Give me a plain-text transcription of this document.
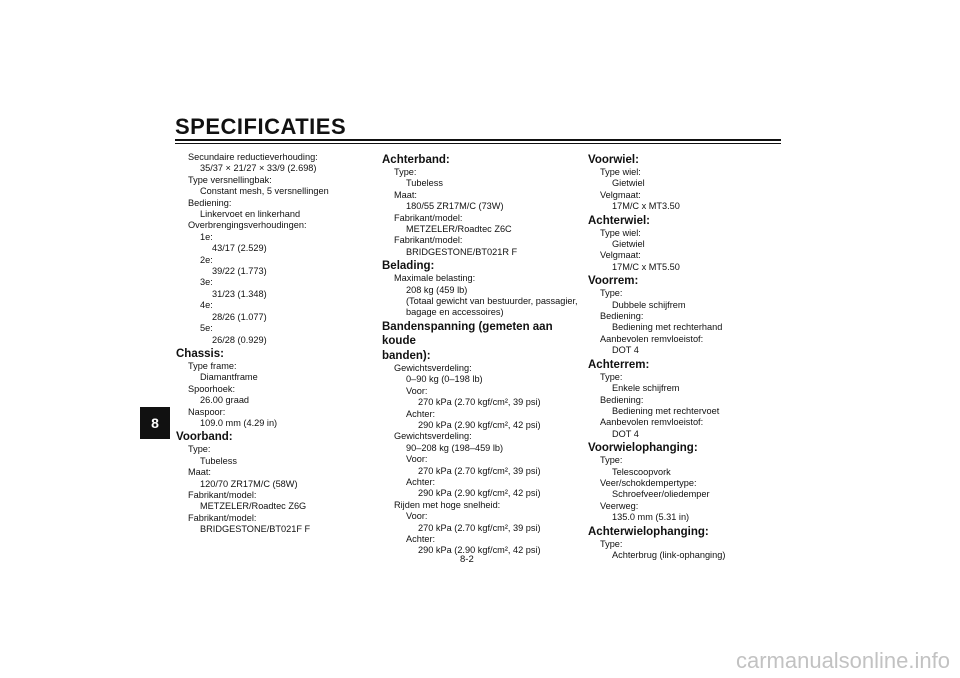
SPECIFICATIES
8
Secundaire reductieverhouding:
35/37 × 21/27 × 33/9 (2.698)
Type versnellingbak:
Constant mesh, 5 versnellingen
Bediening:
Linkervoet en linkerhand
Overbrengingsverhoudingen:
1e:
43/17 (2.529)
2e:
39/22 (1.773)
3e:
31/23 (1.348)
4e:
28/26 (1.077)
5e:
26/28 (0.929)
Chassis:
Type frame:
Diamantframe
Spoorhoek:
26.00 graad
Naspoor:
109.0 mm (4.29 in)
Voorband:
Type:
Tubeless
Maat:
120/70 ZR17M/C (58W)
Fabrikant/model:
METZELER/Roadtec Z6G
Fabrikant/model:
BRIDGESTONE/BT021F F
Achterband:
Type:
Tubeless
Maat:
180/55 ZR17M/C (73W)
Fabrikant/model:
METZELER/Roadtec Z6C
Fabrikant/model:
BRIDGESTONE/BT021R F
Belading:
Maximale belasting:
208 kg (459 lb)
(Totaal gewicht van bestuurder, passagier,
bagage en accessoires)
Bandenspanning (gemeten aan koude
banden):
Gewichtsverdeling:
0–90 kg (0–198 lb)
Voor:
270 kPa (2.70 kgf/cm², 39 psi)
Achter:
290 kPa (2.90 kgf/cm², 42 psi)
Gewichtsverdeling:
90–208 kg (198–459 lb)
Voor:
270 kPa (2.70 kgf/cm², 39 psi)
Achter:
290 kPa (2.90 kgf/cm², 42 psi)
Rijden met hoge snelheid:
Voor:
270 kPa (2.70 kgf/cm², 39 psi)
Achter:
290 kPa (2.90 kgf/cm², 42 psi)
Voorwiel:
Type wiel:
Gietwiel
Velgmaat:
17M/C x MT3.50
Achterwiel:
Type wiel:
Gietwiel
Velgmaat:
17M/C x MT5.50
Voorrem:
Type:
Dubbele schijfrem
Bediening:
Bediening met rechterhand
Aanbevolen remvloeistof:
DOT 4
Achterrem:
Type:
Enkele schijfrem
Bediening:
Bediening met rechtervoet
Aanbevolen remvloeistof:
DOT 4
Voorwielophanging:
Type:
Telescoopvork
Veer/schokdempertype:
Schroefveer/oliedemper
Veerweg:
135.0 mm (5.31 in)
Achterwielophanging:
Type:
Achterbrug (link-ophanging)
8-2
carmanualsonline.info
